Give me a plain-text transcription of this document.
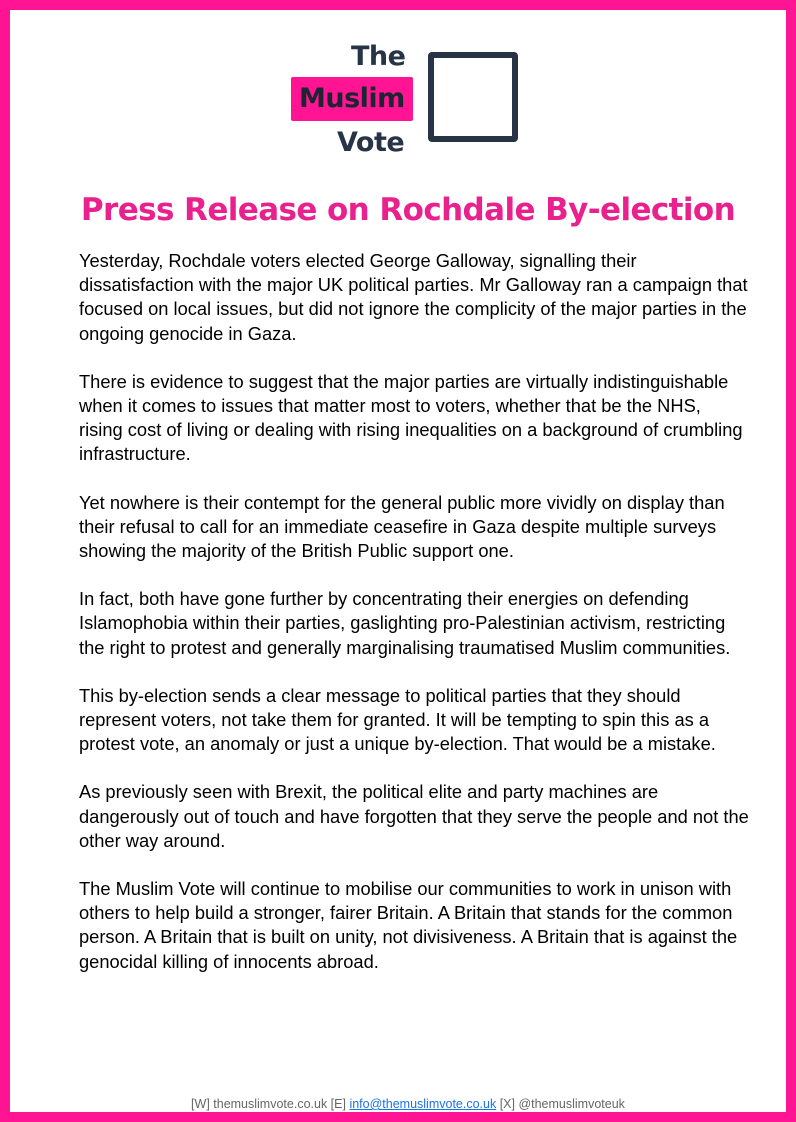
The
Muslim
Vote
Press Release on Rochdale By-election

Yesterday, Rochdale voters elected George Galloway, signalling their dissatisfaction with the major UK political parties. Mr Galloway ran a campaign that focused on local issues, but did not ignore the complicity of the major parties in the ongoing genocide in Gaza.

There is evidence to suggest that the major parties are virtually indistinguishable when it comes to issues that matter most to voters, whether that be the NHS, rising cost of living or dealing with rising inequalities on a background of crumbling infrastructure.

Yet nowhere is their contempt for the general public more vividly on display than their refusal to call for an immediate ceasefire in Gaza despite multiple surveys showing the majority of the British Public support one.

In fact, both have gone further by concentrating their energies on defending Islamophobia within their parties, gaslighting pro-Palestinian activism, restricting the right to protest and generally marginalising traumatised Muslim communities.

This by-election sends a clear message to political parties that they should represent voters, not take them for granted. It will be tempting to spin this as a protest vote, an anomaly or just a unique by-election. That would be a mistake.

As previously seen with Brexit, the political elite and party machines are dangerously out of touch and have forgotten that they serve the people and not the other way around.

The Muslim Vote will continue to mobilise our communities to work in unison with others to help build a stronger, fairer Britain. A Britain that stands for the common person. A Britain that is built on unity, not divisiveness. A Britain that is against the genocidal killing of innocents abroad.

[W] themuslimvote.co.uk [E] info@themuslimvote.co.uk [X] @themuslimvoteuk
